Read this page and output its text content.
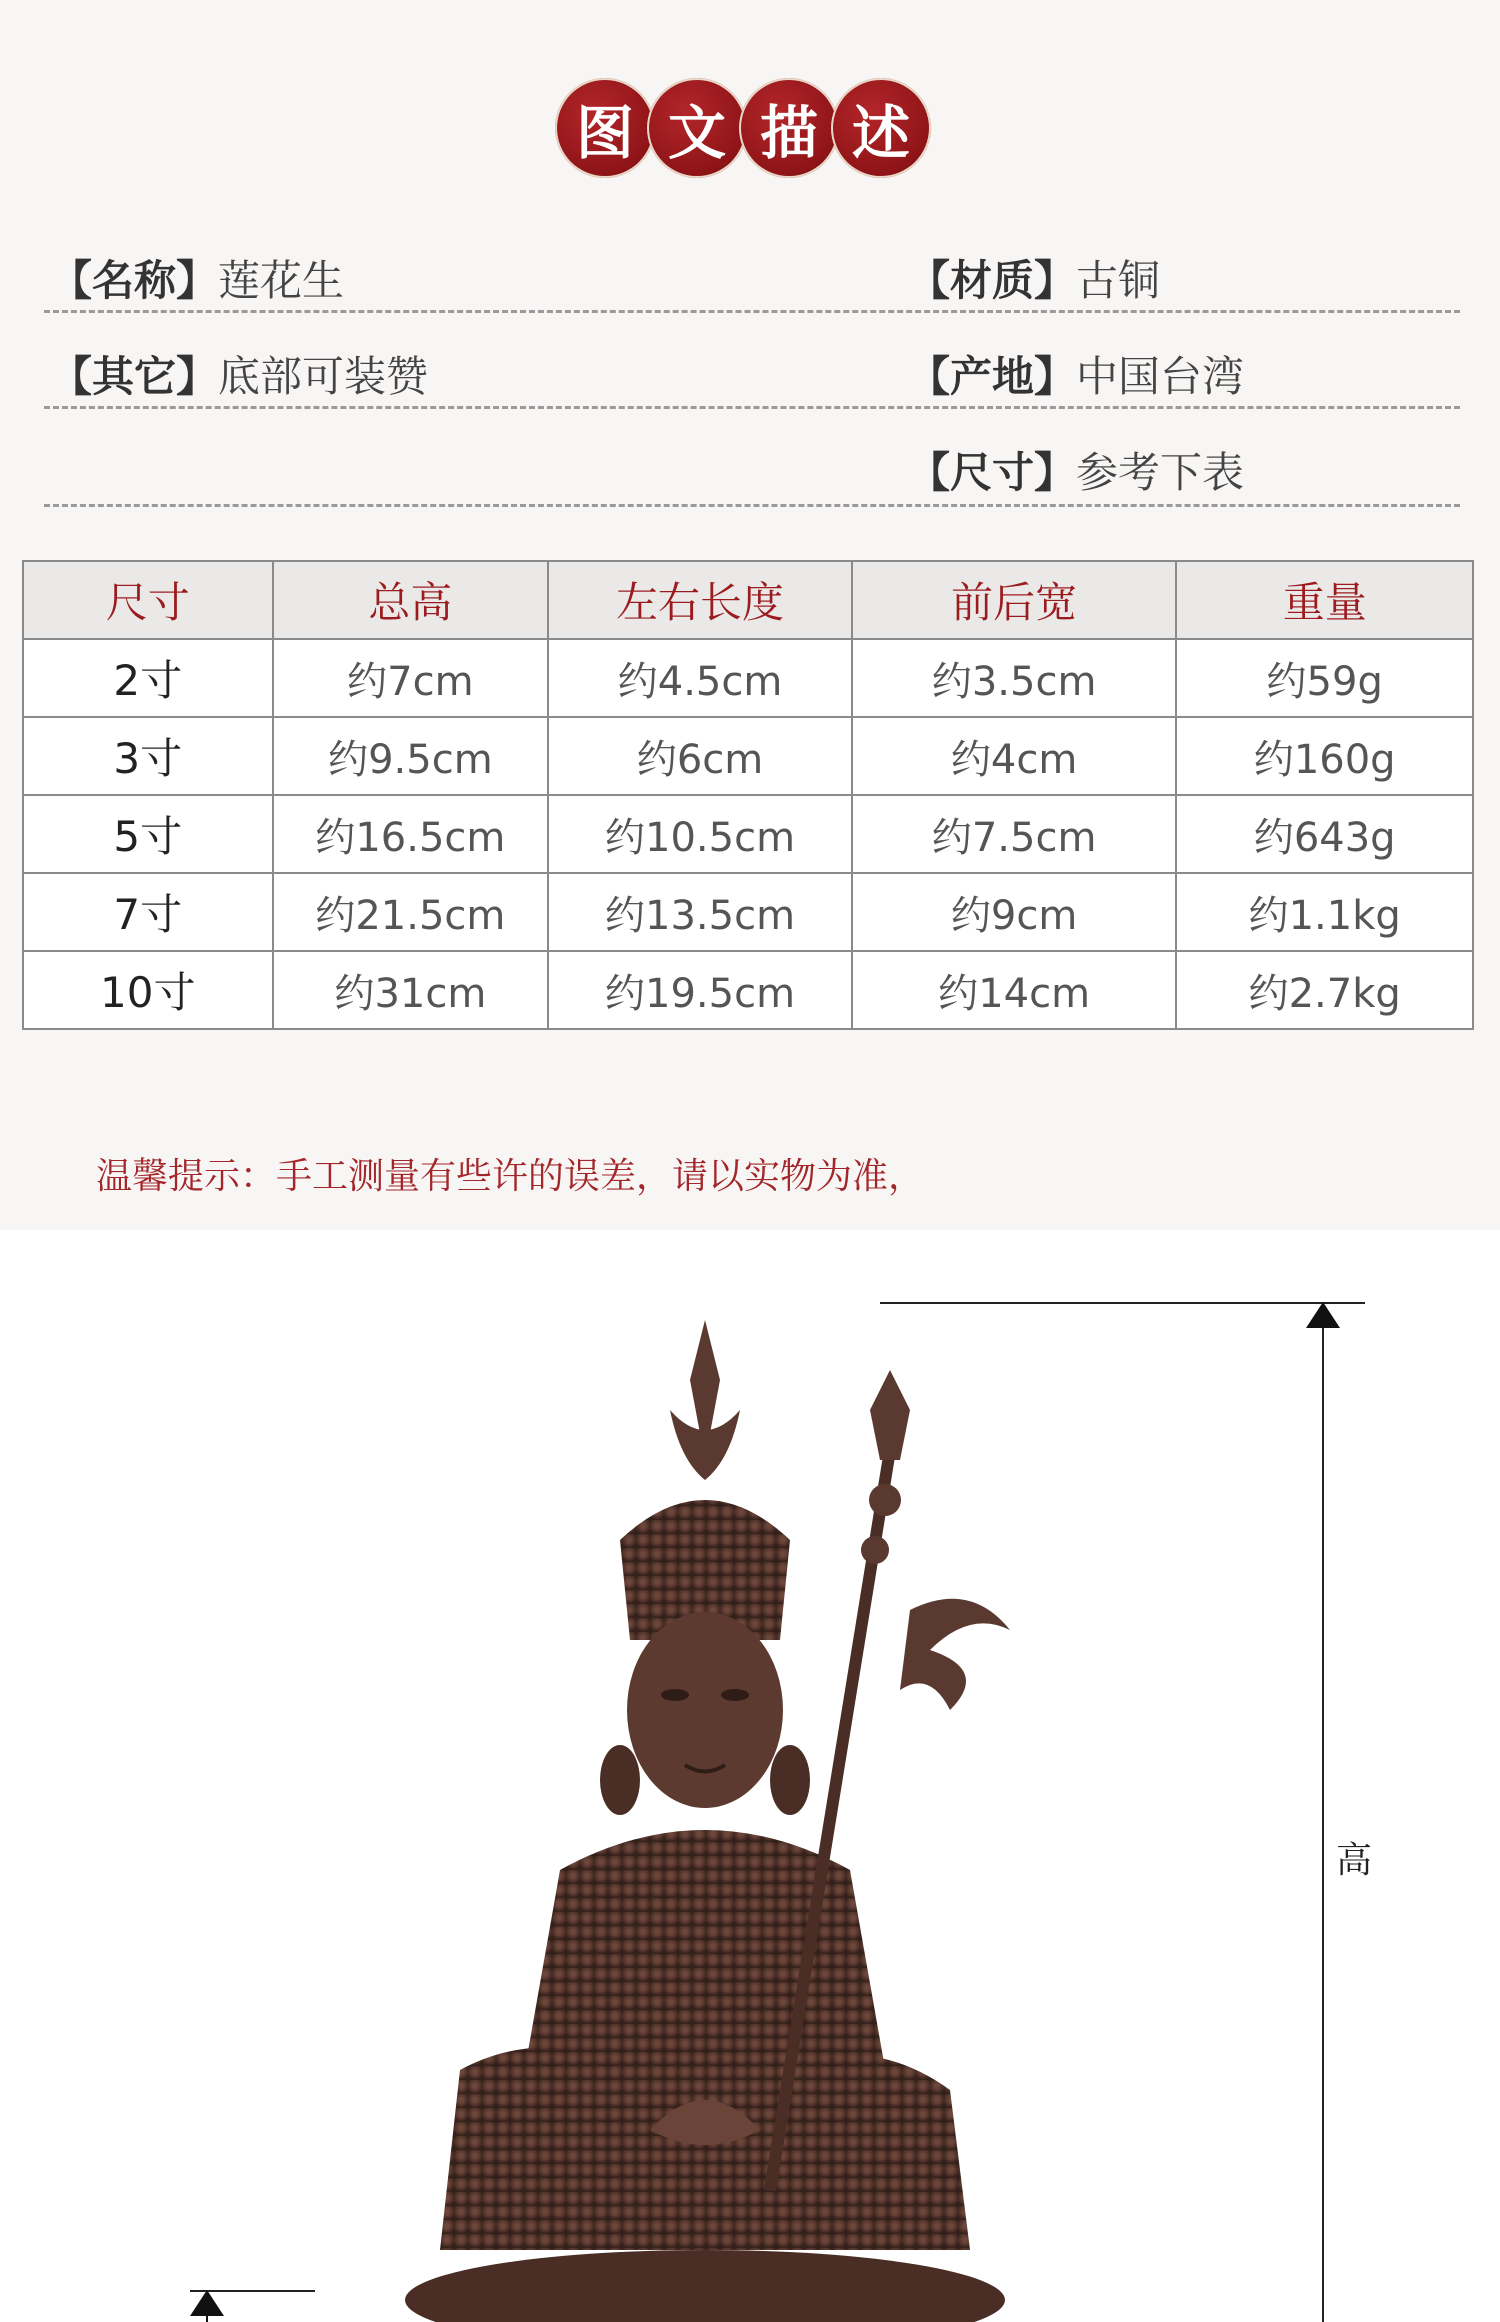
图 文 描 述
【名称】莲花生	【材质】古铜
【其它】底部可装赞	【产地】中国台湾
【尺寸】参考下表
尺寸	总高	左右长度	前后宽	重量
2寸	约7cm	约4.5cm	约3.5cm	约59g
3寸	约9.5cm	约6cm	约4cm	约160g
5寸	约16.5cm	约10.5cm	约7.5cm	约643g
7寸	约21.5cm	约13.5cm	约9cm	约1.1kg
10寸	约31cm	约19.5cm	约14cm	约2.7kg
温馨提示：手工测量有些许的误差，请以实物为准，
高
